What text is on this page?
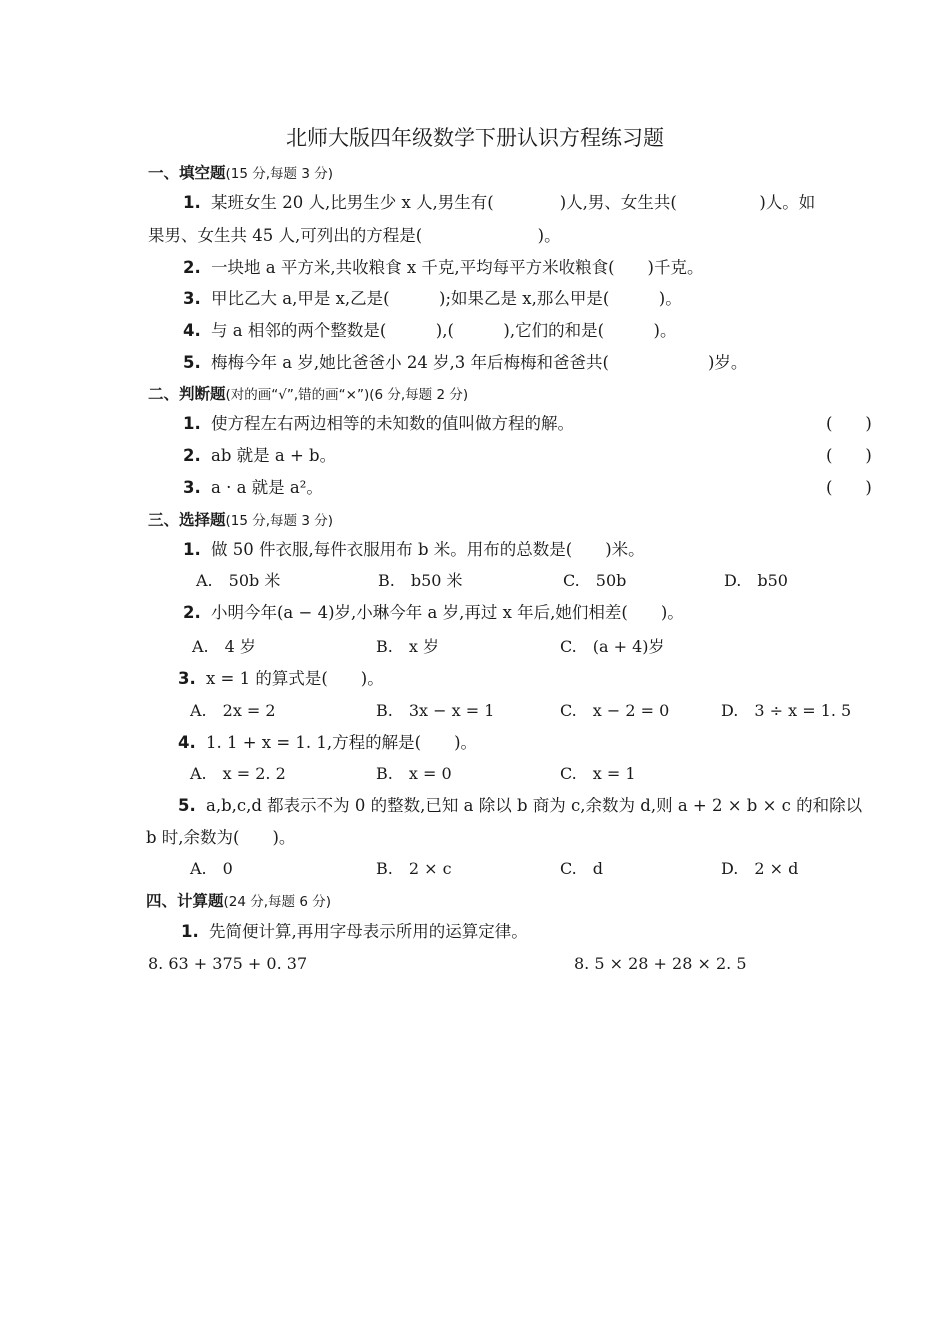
北师大版四年级数学下册认识方程练习题
一、填空题(15 分,每题 3 分)
1. 某班女生 20 人,比男生少 x 人,男生有(　　　　)人,男、女生共(　　　　　)人。如
果男、女生共 45 人,可列出的方程是(　　　　　　　)。
2. 一块地 a 平方米,共收粮食 x 千克,平均每平方米收粮食(　　)千克。
3. 甲比乙大 a,甲是 x,乙是(　　　);如果乙是 x,那么甲是(　　　)。
4. 与 a 相邻的两个整数是(　　　),(　　　),它们的和是(　　　)。
5. 梅梅今年 a 岁,她比爸爸小 24 岁,3 年后梅梅和爸爸共(　　　　　　)岁。
二、判断题(对的画“√”,错的画“×”)(6 分,每题 2 分)
1. 使方程左右两边相等的未知数的值叫做方程的解。	(　　)
2. ab 就是 a + b。	(　　)
3. a · a 就是 a²。	(　　)
三、选择题(15 分,每题 3 分)
1. 做 50 件衣服,每件衣服用布 b 米。用布的总数是(　　)米。
A.　50b 米	B.　b50 米	C.　50b	D.　b50
2. 小明今年(a − 4)岁,小琳今年 a 岁,再过 x 年后,她们相差(　　)。
A.　4 岁	B.　x 岁	C.　(a + 4)岁
3. x = 1 的算式是(　　)。
A.　2x = 2	B.　3x − x = 1	C.　x − 2 = 0	D.　3 ÷ x = 1. 5
4. 1. 1 + x = 1. 1,方程的解是(　　)。
A.　x = 2. 2	B.　x = 0	C.　x = 1
5. a,b,c,d 都表示不为 0 的整数,已知 a 除以 b 商为 c,余数为 d,则 a + 2 × b × c 的和除以
b 时,余数为(　　)。
A.　0	B.　2 × c	C.　d	D.　2 × d
四、计算题(24 分,每题 6 分)
1. 先简便计算,再用字母表示所用的运算定律。
8. 63 + 375 + 0. 37	8. 5 × 28 + 28 × 2. 5
